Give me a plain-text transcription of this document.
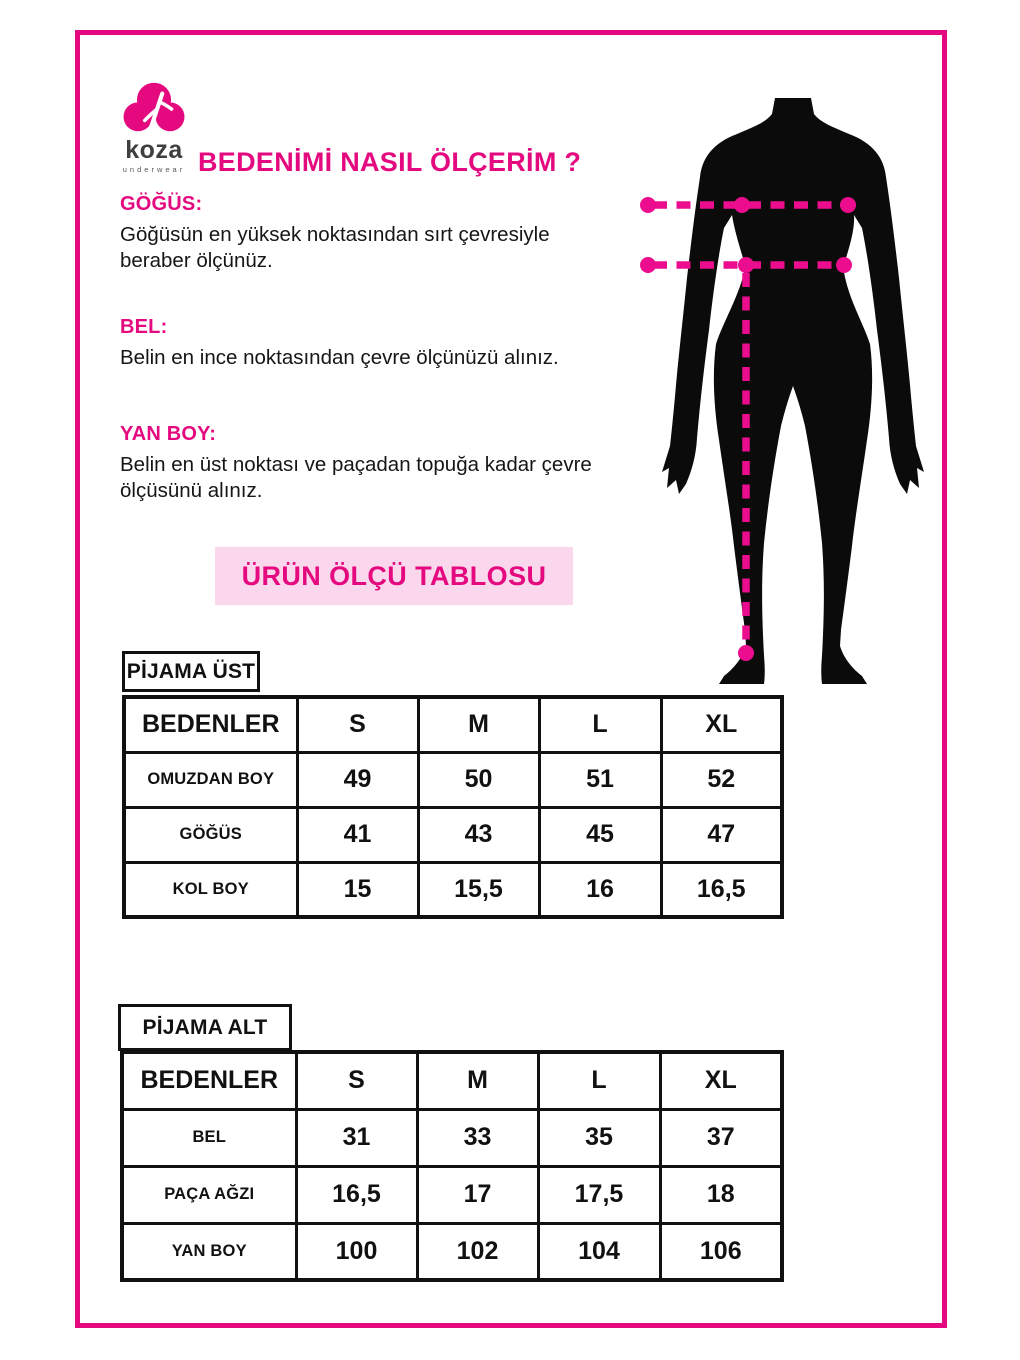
koza
underwear BEDENİMİ NASIL ÖLÇERİM ?
GÖĞÜS:

Göğüsün en yüksek noktasından sırt çevresiyle beraber ölçünüz.

BEL:

Belin en ince noktasından çevre ölçünüzü alınız.

YAN BOY:

Belin en üst noktası ve paçadan topuğa kadar çevre ölçüsünü alınız.

ÜRÜN ÖLÇÜ TABLOSU
PİJAMA ÜST
BEDENLER	S	M	L	XL
OMUZDAN BOY	49	50	51	52
GÖĞÜS	41	43	45	47
KOL BOY	15	15,5	16	16,5
PİJAMA ALT
BEDENLER	S	M	L	XL
BEL	31	33	35	37
PAÇA AĞZI	16,5	17	17,5	18
YAN BOY	100	102	104	106
